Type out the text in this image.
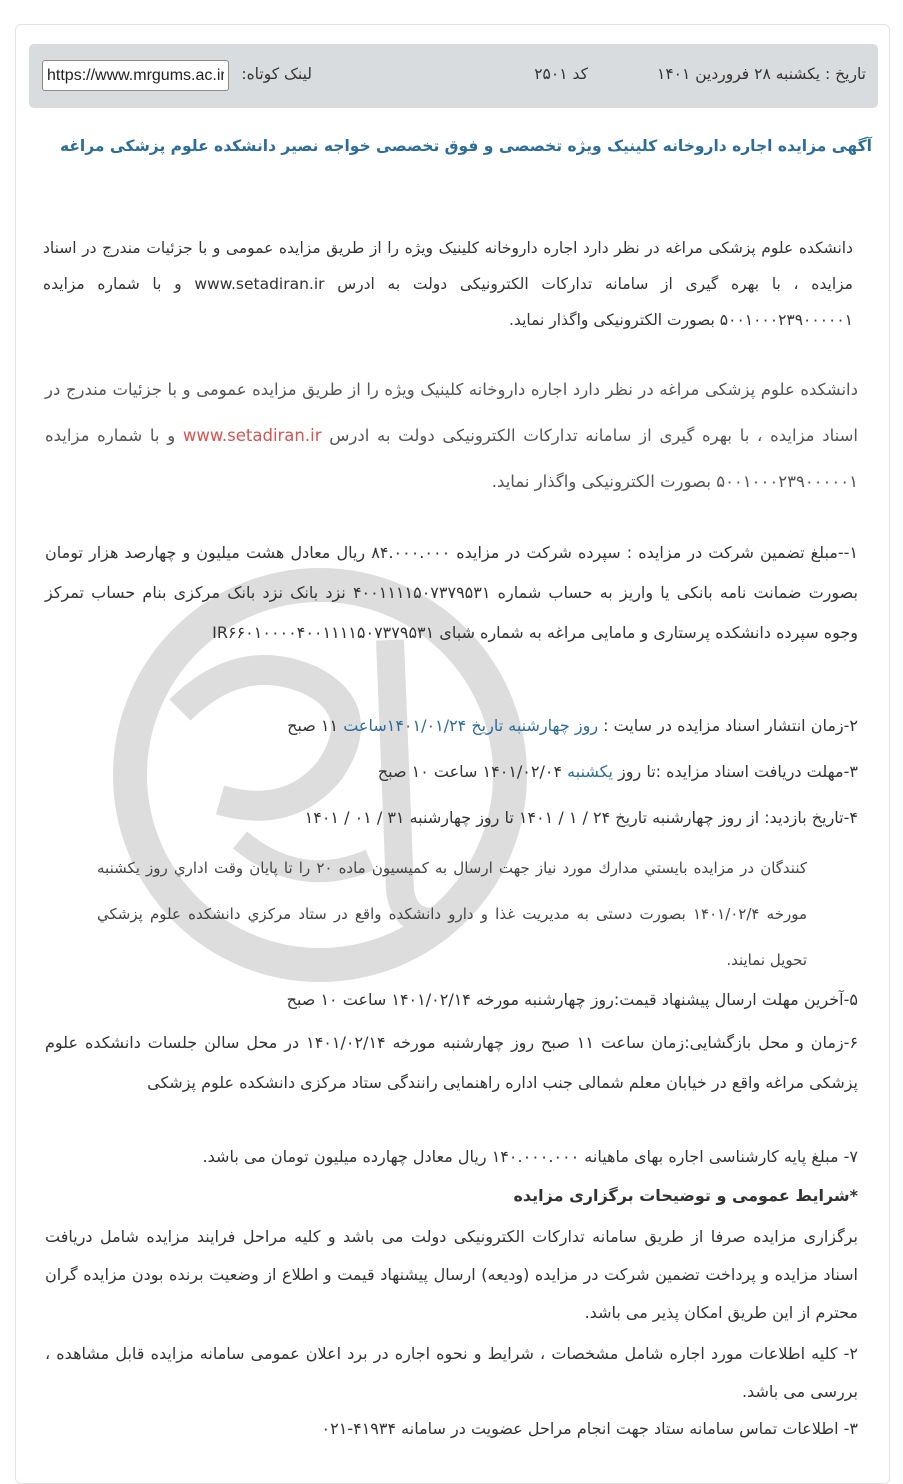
تاریخ : یکشنبه ۲۸ فروردین ۱۴۰۱
کد ۲۵۰۱
لینک کوتاه:
https://www.mrgums.ac.ir/fa/2501
آگهی مزایده اجاره داروخانه کلینیک ویژه تخصصی و فوق تخصصی خواجه نصیر دانشکده علوم پزشکی مراغه
دانشکده علوم پزشکی مراغه در نظر دارد اجاره داروخانه کلینیک ویژه را از طریق مزایده عمومی و با جزئیات مندرج در اسناد مزایده ، با بهره گیری از سامانه تدارکات الکترونیکی دولت به ادرس www.setadiran.ir و با شماره مزایده ۵۰۰۱۰۰۰۲۳۹۰۰۰۰۰۱ بصورت الکترونیکی واگذار نماید.
دانشکده علوم پزشکی مراغه در نظر دارد اجاره داروخانه کلینیک ویژه را از طریق مزایده عمومی و با جزئیات مندرج در اسناد مزایده ، با بهره گیری از سامانه تدارکات الکترونیکی دولت به ادرس www.setadiran.ir و با شماره مزایده ۵۰۰۱۰۰۰۲۳۹۰۰۰۰۰۱ بصورت الکترونیکی واگذار نماید.
۱--مبلغ تضمین شرکت در مزایده : سپرده شرکت در مزایده ۸۴.۰۰۰.۰۰۰ ریال معادل هشت میلیون و چهارصد هزار تومان بصورت ضمانت نامه بانکی یا واریز به حساب شماره ۴۰۰۱۱۱۱۵۰۷۳۷۹۵۳۱ نزد بانک نزد بانک مرکزی بنام حساب تمرکز وجوه سپرده دانشکده پرستاری و مامایی مراغه به شماره شبای IR۶۶۰۱۰۰۰۰۴۰۰۱۱۱۱۵۰۷۳۷۹۵۳۱
۲-زمان انتشار اسناد مزایده در سایت : روز چهارشنبه تاریخ ۱۴۰۱/۰۱/۲۴ساعت ۱۱ صبح
۳-مهلت دریافت اسناد مزایده :تا روز یکشنبه ۱۴۰۱/۰۲/۰۴ ساعت ۱۰ صبح
۴-تاریخ بازدید: از روز چهارشنبه تاریخ ۲۴ / ۱ / ۱۴۰۱ تا روز چهارشنبه ۳۱ / ۰۱ / ۱۴۰۱
کنندگان در مزایده بايستي مدارك مورد نياز جهت ارسال به كميسيون ماده ۲۰ را تا پايان وقت اداري روز يكشنبه مورخه ۱۴۰۱/۰۲/۴ بصورت دستی به مديريت غذا و دارو دانشكده واقع در ستاد مركزي دانشكده علوم پزشكي تحويل نمايند.
۵-آخرین مهلت ارسال پیشنهاد قیمت:روز چهارشنبه مورخه ۱۴۰۱/۰۲/۱۴ ساعت ۱۰ صبح
۶-زمان و محل بازگشایی:زمان ساعت ۱۱ صبح روز چهارشنبه مورخه ۱۴۰۱/۰۲/۱۴ در محل سالن جلسات دانشکده علوم پزشکی مراغه واقع در خیابان معلم شمالی جنب اداره راهنمایی رانندگی ستاد مرکزی دانشکده علوم پزشکی
۷- مبلغ پایه کارشناسی اجاره بهای ماهیانه ۱۴۰.۰۰۰.۰۰۰ ریال معادل چهارده میلیون تومان می باشد.
*شرایط عمومی و توضیحات برگزاری مزایده
برگزاری مزایده صرفا از طریق سامانه تدارکات الکترونیکی دولت می باشد و کلیه مراحل فرایند مزایده شامل دریافت اسناد مزایده و پرداخت تضمین شرکت در مزایده (ودیعه) ارسال پیشنهاد قیمت و اطلاع از وضعیت برنده بودن مزایده گران محترم از این طریق امکان پذیر می باشد.
۲- کلیه اطلاعات مورد اجاره شامل مشخصات ، شرایط و نحوه اجاره در برد اعلان عمومی سامانه مزایده قابل مشاهده ، بررسی می باشد.
۳- اطلاعات تماس سامانه ستاد جهت انجام مراحل عضویت در سامانه ۴۱۹۳۴-۰۲۱
